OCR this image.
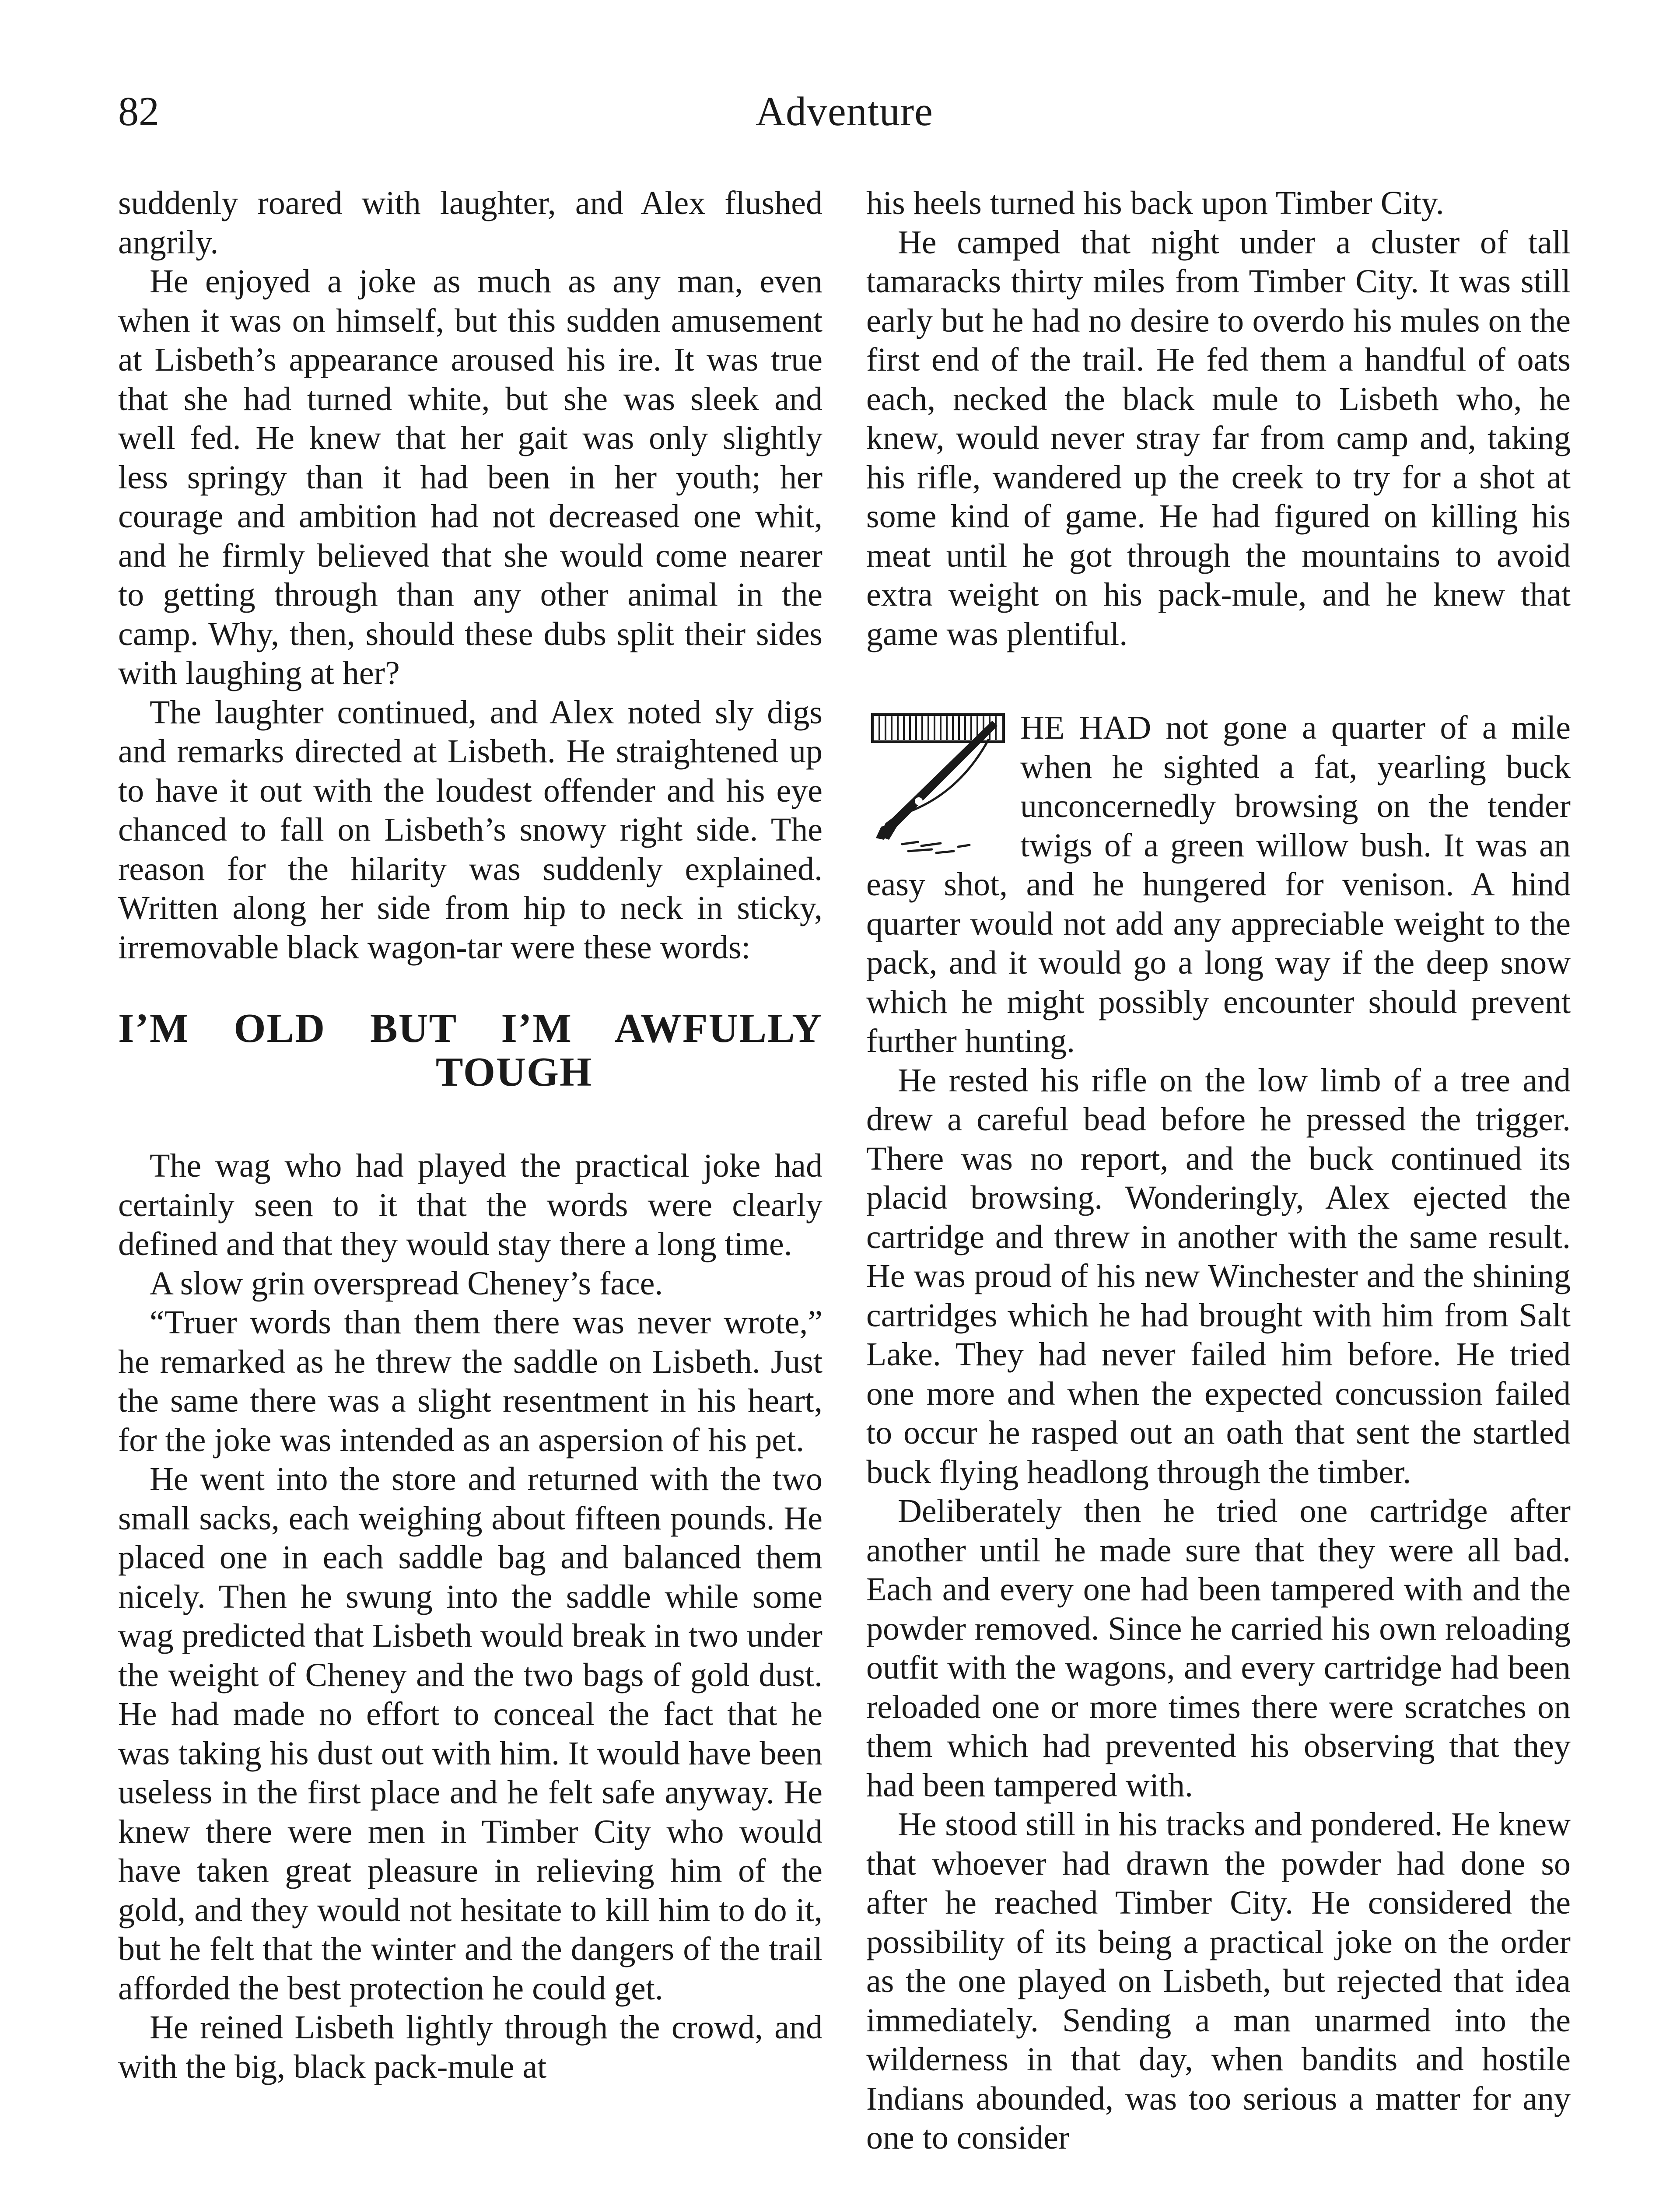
82	Adventure

suddenly roared with laughter, and Alex flushed angrily.

He enjoyed a joke as much as any man, even when it was on himself, but this sudden amusement at Lisbeth’s appearance aroused his ire. It was true that she had turned white, but she was sleek and well fed. He knew that her gait was only slightly less springy than it had been in her youth; her courage and ambition had not decreased one whit, and he firmly believed that she would come nearer to getting through than any other animal in the camp. Why, then, should these dubs split their sides with laughing at her?

The laughter continued, and Alex noted sly digs and remarks directed at Lisbeth. He straightened up to have it out with the loudest offender and his eye chanced to fall on Lisbeth’s snowy right side. The reason for the hilarity was suddenly explained. Written along her side from hip to neck in sticky, irremovable black wagon-tar were these words:

I’M OLD BUT I’M AWFULLY
TOUGH

The wag who had played the practical joke had certainly seen to it that the words were clearly defined and that they would stay there a long time.

A slow grin overspread Cheney’s face.

“Truer words than them there was never wrote,” he remarked as he threw the saddle on Lisbeth. Just the same there was a slight resentment in his heart, for the joke was intended as an aspersion of his pet.

He went into the store and returned with the two small sacks, each weighing about fifteen pounds. He placed one in each saddle bag and balanced them nicely. Then he swung into the saddle while some wag predicted that Lisbeth would break in two under the weight of Cheney and the two bags of gold dust. He had made no effort to conceal the fact that he was taking his dust out with him. It would have been useless in the first place and he felt safe anyway. He knew there were men in Timber City who would have taken great pleasure in relieving him of the gold, and they would not hesitate to kill him to do it, but he felt that the winter and the dangers of the trail afforded the best protection he could get.

He reined Lisbeth lightly through the crowd, and with the big, black pack-mule at

his heels turned his back upon Timber City.

He camped that night under a cluster of tall tamaracks thirty miles from Timber City. It was still early but he had no desire to overdo his mules on the first end of the trail. He fed them a handful of oats each, necked the black mule to Lisbeth who, he knew, would never stray far from camp and, taking his rifle, wandered up the creek to try for a shot at some kind of game. He had figured on killing his meat until he got through the mountains to avoid extra weight on his pack-mule, and he knew that game was plentiful.

HE HAD not gone a quarter of a mile when he sighted a fat, yearling buck unconcernedly browsing on the tender twigs of a green willow bush. It was an easy shot, and he hungered for venison. A hind quarter would not add any appreciable weight to the pack, and it would go a long way if the deep snow which he might possibly encounter should prevent further hunting.

He rested his rifle on the low limb of a tree and drew a careful bead before he pressed the trigger. There was no report, and the buck continued its placid browsing. Wonderingly, Alex ejected the cartridge and threw in another with the same result. He was proud of his new Winchester and the shining cartridges which he had brought with him from Salt Lake. They had never failed him before. He tried one more and when the expected concussion failed to occur he rasped out an oath that sent the startled buck flying headlong through the timber.

Deliberately then he tried one cartridge after another until he made sure that they were all bad. Each and every one had been tampered with and the powder removed. Since he carried his own reloading outfit with the wagons, and every cartridge had been reloaded one or more times there were scratches on them which had prevented his observing that they had been tampered with.

He stood still in his tracks and pondered. He knew that whoever had drawn the powder had done so after he reached Timber City. He considered the possibility of its being a practical joke on the order as the one played on Lisbeth, but rejected that idea immediately. Sending a man unarmed into the wilderness in that day, when bandits and hostile Indians abounded, was too serious a matter for any one to consider
